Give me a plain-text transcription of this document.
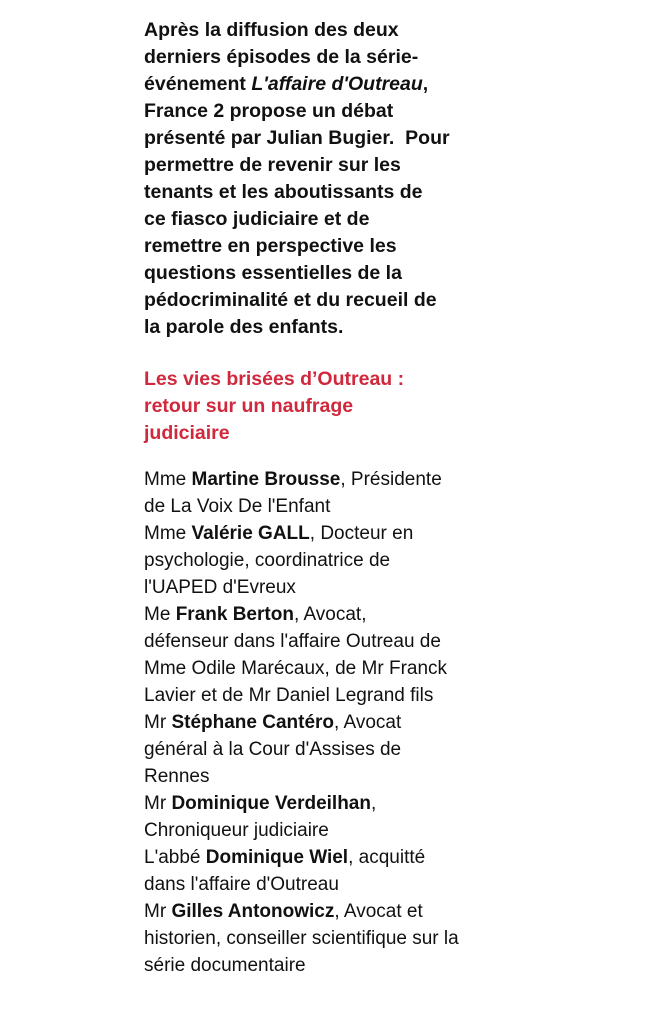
Après la diffusion des deux
derniers épisodes de la série-
événement L'affaire d'Outreau,
France 2 propose un débat
présenté par Julian Bugier.  Pour
permettre de revenir sur les
tenants et les aboutissants de
ce fiasco judiciaire et de
remettre en perspective les
questions essentielles de la
pédocriminalité et du recueil de
la parole des enfants.
Les vies brisées d’Outreau :
retour sur un naufrage
judiciaire
Mme Martine Brousse, Présidente
de La Voix De l'Enfant
Mme Valérie GALL, Docteur en
psychologie, coordinatrice de
l'UAPED d'Evreux
Me Frank Berton, Avocat,
défenseur dans l'affaire Outreau de
Mme Odile Marécaux, de Mr Franck
Lavier et de Mr Daniel Legrand fils
Mr Stéphane Cantéro, Avocat
général à la Cour d'Assises de
Rennes
Mr Dominique Verdeilhan,
Chroniqueur judiciaire
L'abbé Dominique Wiel, acquitté
dans l'affaire d'Outreau
Mr Gilles Antonowicz, Avocat et
historien, conseiller scientifique sur la
série documentaire
